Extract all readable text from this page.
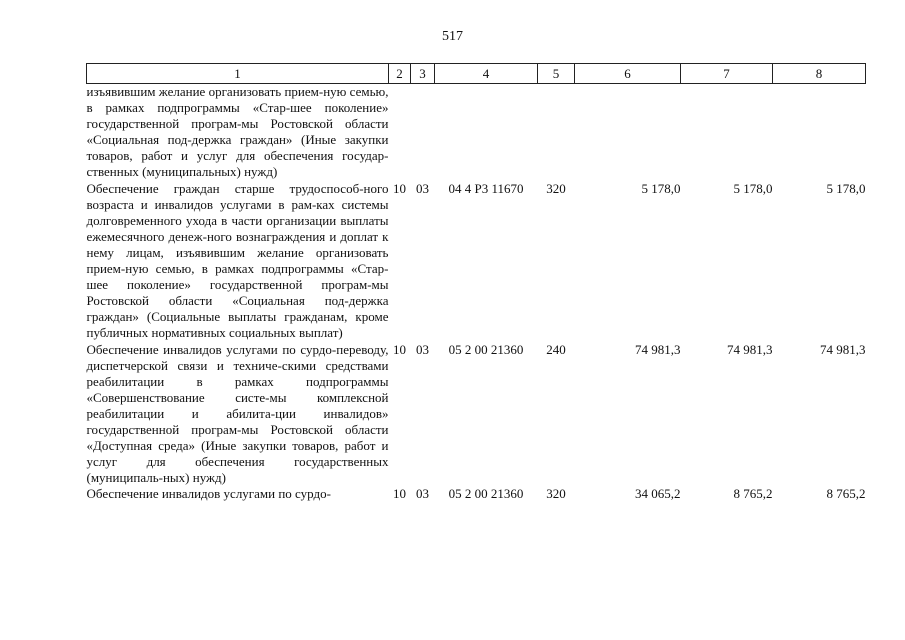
517
1	2	3	4	5	6	7	8
изъявившим желание организовать прием-ную семью, в рамках подпрограммы «Стар-шее поколение» государственной програм-мы Ростовской области «Социальная под-держка граждан» (Иные закупки товаров, работ и услуг для обеспечения государ-ственных (муниципальных) нужд)							
Обеспечение граждан старше трудоспособ-ного возраста и инвалидов услугами в рам-ках системы долговременного ухода в части организации выплаты ежемесячного денеж-ного вознаграждения и доплат к нему лицам, изъявившим желание организовать прием-ную семью, в рамках подпрограммы «Стар-шее поколение» государственной програм-мы Ростовской области «Социальная под-держка граждан» (Социальные выплаты гражданам, кроме публичных нормативных социальных выплат)	10	03	04 4 Р3 11670	320	5 178,0	5 178,0	5 178,0
Обеспечение инвалидов услугами по сурдо-переводу, диспетчерской связи и техниче-скими средствами реабилитации в рамках подпрограммы «Совершенствование систе-мы комплексной реабилитации и абилита-ции инвалидов» государственной програм-мы Ростовской области «Доступная среда» (Иные закупки товаров, работ и услуг для обеспечения государственных (муниципаль-ных) нужд)	10	03	05 2 00 21360	240	74 981,3	74 981,3	74 981,3
Обеспечение инвалидов услугами по сурдо-	10	03	05 2 00 21360	320	34 065,2	8 765,2	8 765,2
